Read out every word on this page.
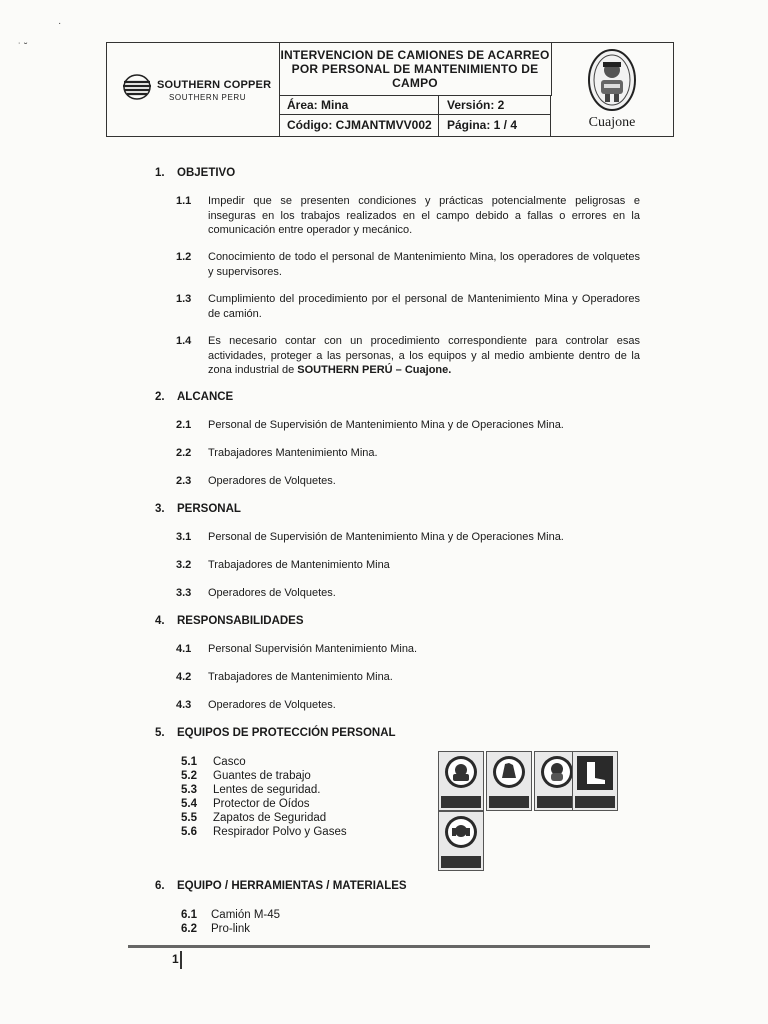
·
˙ ˘
SOUTHERN COPPER
SOUTHERN PERU
INTERVENCION DE CAMIONES DE ACARREO POR PERSONAL DE MANTENIMIENTO DE CAMPO
Área: Mina	Versión: 2
Código: CJMANTMVV002	Página: 1 / 4	Cuajone
1. OBJETIVO
1.1 Impedir que se presenten condiciones y prácticas potencialmente peligrosas e inseguras en los trabajos realizados en el campo debido a fallas o errores en la comunicación entre operador y mecánico.
1.2 Conocimiento de todo el personal de Mantenimiento Mina, los operadores de volquetes y supervisores.
1.3 Cumplimiento del procedimiento por el personal de Mantenimiento Mina y Operadores de camión.
1.4 Es necesario contar con un procedimiento correspondiente para controlar esas actividades, proteger a las personas, a los equipos y al medio ambiente dentro de la zona industrial de SOUTHERN PERÚ – Cuajone.
2. ALCANCE
2.1 Personal de Supervisión de Mantenimiento Mina y de Operaciones Mina.
2.2 Trabajadores Mantenimiento Mina.
2.3 Operadores de Volquetes.
3. PERSONAL
3.1 Personal de Supervisión de Mantenimiento Mina y de Operaciones Mina.
3.2 Trabajadores de Mantenimiento Mina
3.3 Operadores de Volquetes.
4. RESPONSABILIDADES
4.1 Personal Supervisión Mantenimiento Mina.
4.2 Trabajadores de Mantenimiento Mina.
4.3 Operadores de Volquetes.
5. EQUIPOS DE PROTECCIÓN PERSONAL
5.1 Casco
5.2 Guantes de trabajo
5.3 Lentes de seguridad.
5.4 Protector de Oídos
5.5 Zapatos de Seguridad
5.6 Respirador Polvo y Gases
6. EQUIPO / HERRAMIENTAS / MATERIALES
6.1 Camión M-45
6.2 Pro-link
1
